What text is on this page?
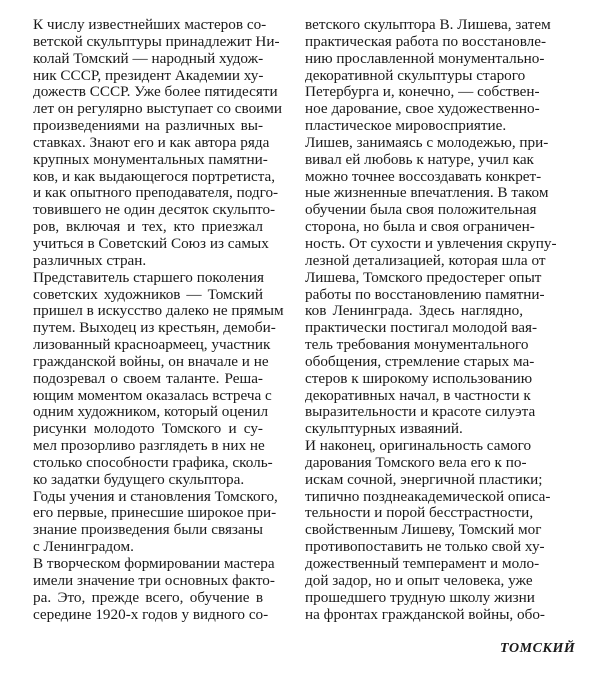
К числу известнейших мастеров со-
ветской скульптуры принадлежит Ни-
колай Томский — народный худож-
ник СССР, президент Академии ху-
дожеств СССР. Уже более пятидесяти
лет он регулярно выступает со своими
произведениями на различных вы-
ставках. Знают его и как автора ряда
крупных монументальных памятни-
ков, и как выдающегося портретиста,
и как опытного преподавателя, подго-
товившего не один десяток скульпто-
ров, включая и тех, кто приезжал
учиться в Советский Союз из самых
различных стран.
Представитель старшего поколения
советских художников — Томский
пришел в искусство далеко не прямым
путем. Выходец из крестьян, демоби-
лизованный красноармеец, участник
гражданской войны, он вначале и не
подозревал о своем таланте. Реша-
ющим моментом оказалась встреча с
одним художником, который оценил
рисунки молодото Томского и су-
мел прозорливо разглядеть в них не
столько способности графика, сколь-
ко задатки будущего скульптора.
Годы учения и становления Томского,
его первые, принесшие широкое при-
знание произведения были связаны
с Ленинградом.
В творческом формировании мастера
имели значение три основных факто-
ра. Это, прежде всего, обучение в
середине 1920-х годов у видного со-
ветского скульптора В. Лишева, затем
практическая работа по восстановле-
нию прославленной монументально-
декоративной скульптуры старого
Петербурга и, конечно, — собствен-
ное дарование, свое художественно-
пластическое мировосприятие.
Лишев, занимаясь с молодежью, при-
вивал ей любовь к натуре, учил как
можно точнее воссоздавать конкрет-
ные жизненные впечатления. В таком
обучении была своя положительная
сторона, но была и своя ограничен-
ность. От сухости и увлечения скрупу-
лезной детализацией, которая шла от
Лишева, Томского предостерег опыт
работы по восстановлению памятни-
ков Ленинграда. Здесь наглядно,
практически постигал молодой вая-
тель требования монументального
обобщения, стремление старых ма-
стеров к широкому использованию
декоративных начал, в частности к
выразительности и красоте силуэта
скульптурных изваяний.
И наконец, оригинальность самого
дарования Томского вела его к по-
искам сочной, энергичной пластики;
типично позднеакадемической описа-
тельности и порой бесстрастности,
свойственным Лишеву, Томский мог
противопоставить не только свой ху-
дожественный темперамент и моло-
дой задор, но и опыт человека, уже
прошедшего трудную школу жизни
на фронтах гражданской войны, обо-
ТОМСКИЙ
